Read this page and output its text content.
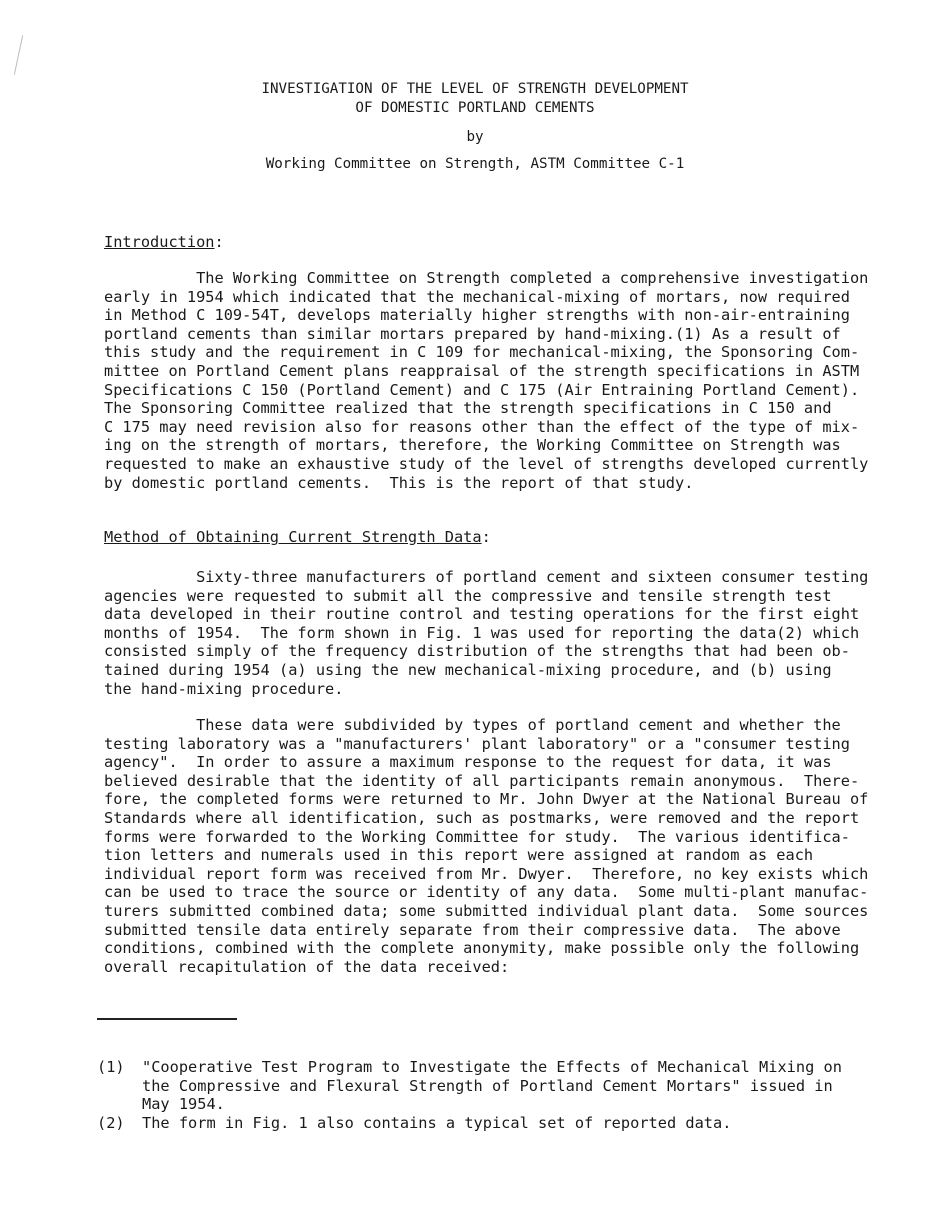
INVESTIGATION OF THE LEVEL OF STRENGTH DEVELOPMENT
OF DOMESTIC PORTLAND CEMENTS
by
Working Committee on Strength, ASTM Committee C-1
Introduction:
The Working Committee on Strength completed a comprehensive investigation
early in 1954 which indicated that the mechanical-mixing of mortars, now required
in Method C 109-54T, develops materially higher strengths with non-air-entraining
portland cements than similar mortars prepared by hand-mixing.(1) As a result of
this study and the requirement in C 109 for mechanical-mixing, the Sponsoring Com-
mittee on Portland Cement plans reappraisal of the strength specifications in ASTM
Specifications C 150 (Portland Cement) and C 175 (Air Entraining Portland Cement).
The Sponsoring Committee realized that the strength specifications in C 150 and
C 175 may need revision also for reasons other than the effect of the type of mix-
ing on the strength of mortars, therefore, the Working Committee on Strength was
requested to make an exhaustive study of the level of strengths developed currently
by domestic portland cements.  This is the report of that study.
Method of Obtaining Current Strength Data:
Sixty-three manufacturers of portland cement and sixteen consumer testing
agencies were requested to submit all the compressive and tensile strength test
data developed in their routine control and testing operations for the first eight
months of 1954.  The form shown in Fig. 1 was used for reporting the data(2) which
consisted simply of the frequency distribution of the strengths that had been ob-
tained during 1954 (a) using the new mechanical-mixing procedure, and (b) using
the hand-mixing procedure.
These data were subdivided by types of portland cement and whether the
testing laboratory was a "manufacturers' plant laboratory" or a "consumer testing
agency".  In order to assure a maximum response to the request for data, it was
believed desirable that the identity of all participants remain anonymous.  There-
fore, the completed forms were returned to Mr. John Dwyer at the National Bureau of
Standards where all identification, such as postmarks, were removed and the report
forms were forwarded to the Working Committee for study.  The various identifica-
tion letters and numerals used in this report were assigned at random as each
individual report form was received from Mr. Dwyer.  Therefore, no key exists which
can be used to trace the source or identity of any data.  Some multi-plant manufac-
turers submitted combined data; some submitted individual plant data.  Some sources
submitted tensile data entirely separate from their compressive data.  The above
conditions, combined with the complete anonymity, make possible only the following
overall recapitulation of the data received:

(1)

"Cooperative Test Program to Investigate the Effects of Mechanical Mixing on
the Compressive and Flexural Strength of Portland Cement Mortars" issued in
May 1954.

(2)

The form in Fig. 1 also contains a typical set of reported data.
